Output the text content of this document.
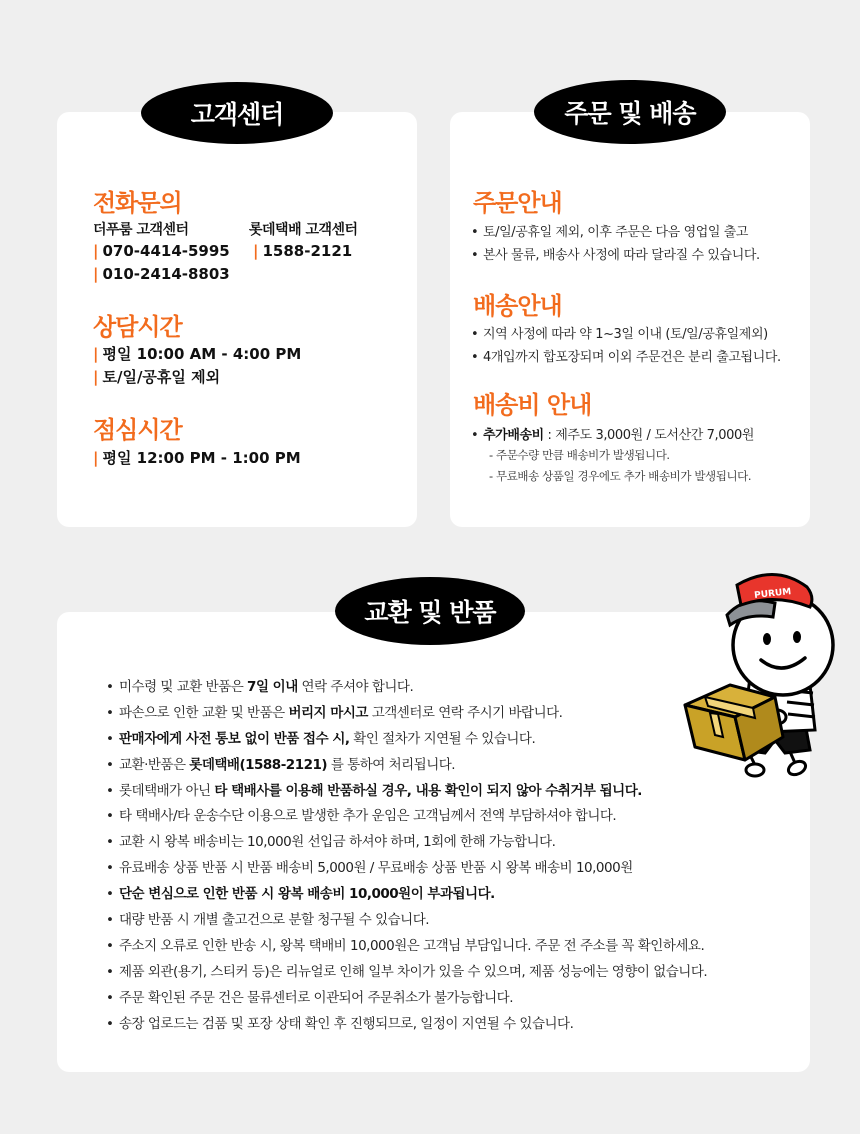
고객센터
전화문의
더푸룸 고객센터	롯데택배 고객센터
| 070-4414-5995
| 010-2414-8803
| 1588-2121
상담시간
| 평일 10:00 AM - 4:00 PM
| 토/일/공휴일 제외
점심시간
| 평일 12:00 PM - 1:00 PM
주문 및 배송
주문안내
• 토/일/공휴일 제외, 이후 주문은 다음 영업일 출고
• 본사 물류, 배송사 사정에 따라 달라질 수 있습니다.
배송안내
• 지역 사정에 따라 약 1~3일 이내 (토/일/공휴일제외)
• 4개입까지 합포장되며 이외 주문건은 분리 출고됩니다.
배송비 안내
• 추가배송비 : 제주도 3,000원 / 도서산간 7,000원
- 주문수량 만큼 배송비가 발생됩니다.
- 무료배송 상품일 경우에도 추가 배송비가 발생됩니다.
교환 및 반품
• 미수령 및 교환 반품은 7일 이내 연락 주셔야 합니다.
• 파손으로 인한 교환 및 반품은 버리지 마시고 고객센터로 연락 주시기 바랍니다.
• 판매자에게 사전 통보 없이 반품 접수 시, 확인 절차가 지연될 수 있습니다.
• 교환·반품은 롯데택배(1588-2121) 를 통하여 처리됩니다.
• 롯데택배가 아닌 타 택배사를 이용해 반품하실 경우, 내용 확인이 되지 않아 수취거부 됩니다.
• 타 택배사/타 운송수단 이용으로 발생한 추가 운임은 고객님께서 전액 부담하셔야 합니다.
• 교환 시 왕복 배송비는 10,000원 선입금 하셔야 하며, 1회에 한해 가능합니다.
• 유료배송 상품 반품 시 반품 배송비 5,000원 / 무료배송 상품 반품 시 왕복 배송비 10,000원
• 단순 변심으로 인한 반품 시 왕복 배송비 10,000원이 부과됩니다.
• 대량 반품 시 개별 출고건으로 분할 청구될 수 있습니다.
• 주소지 오류로 인한 반송 시, 왕복 택배비 10,000원은 고객님 부담입니다. 주문 전 주소를 꼭 확인하세요.
• 제품 외관(용기, 스티커 등)은 리뉴얼로 인해 일부 차이가 있을 수 있으며, 제품 성능에는 영향이 없습니다.
• 주문 확인된 주문 건은 물류센터로 이관되어 주문취소가 불가능합니다.
• 송장 업로드는 검품 및 포장 상태 확인 후 진행되므로, 일정이 지연될 수 있습니다.
PURUM
